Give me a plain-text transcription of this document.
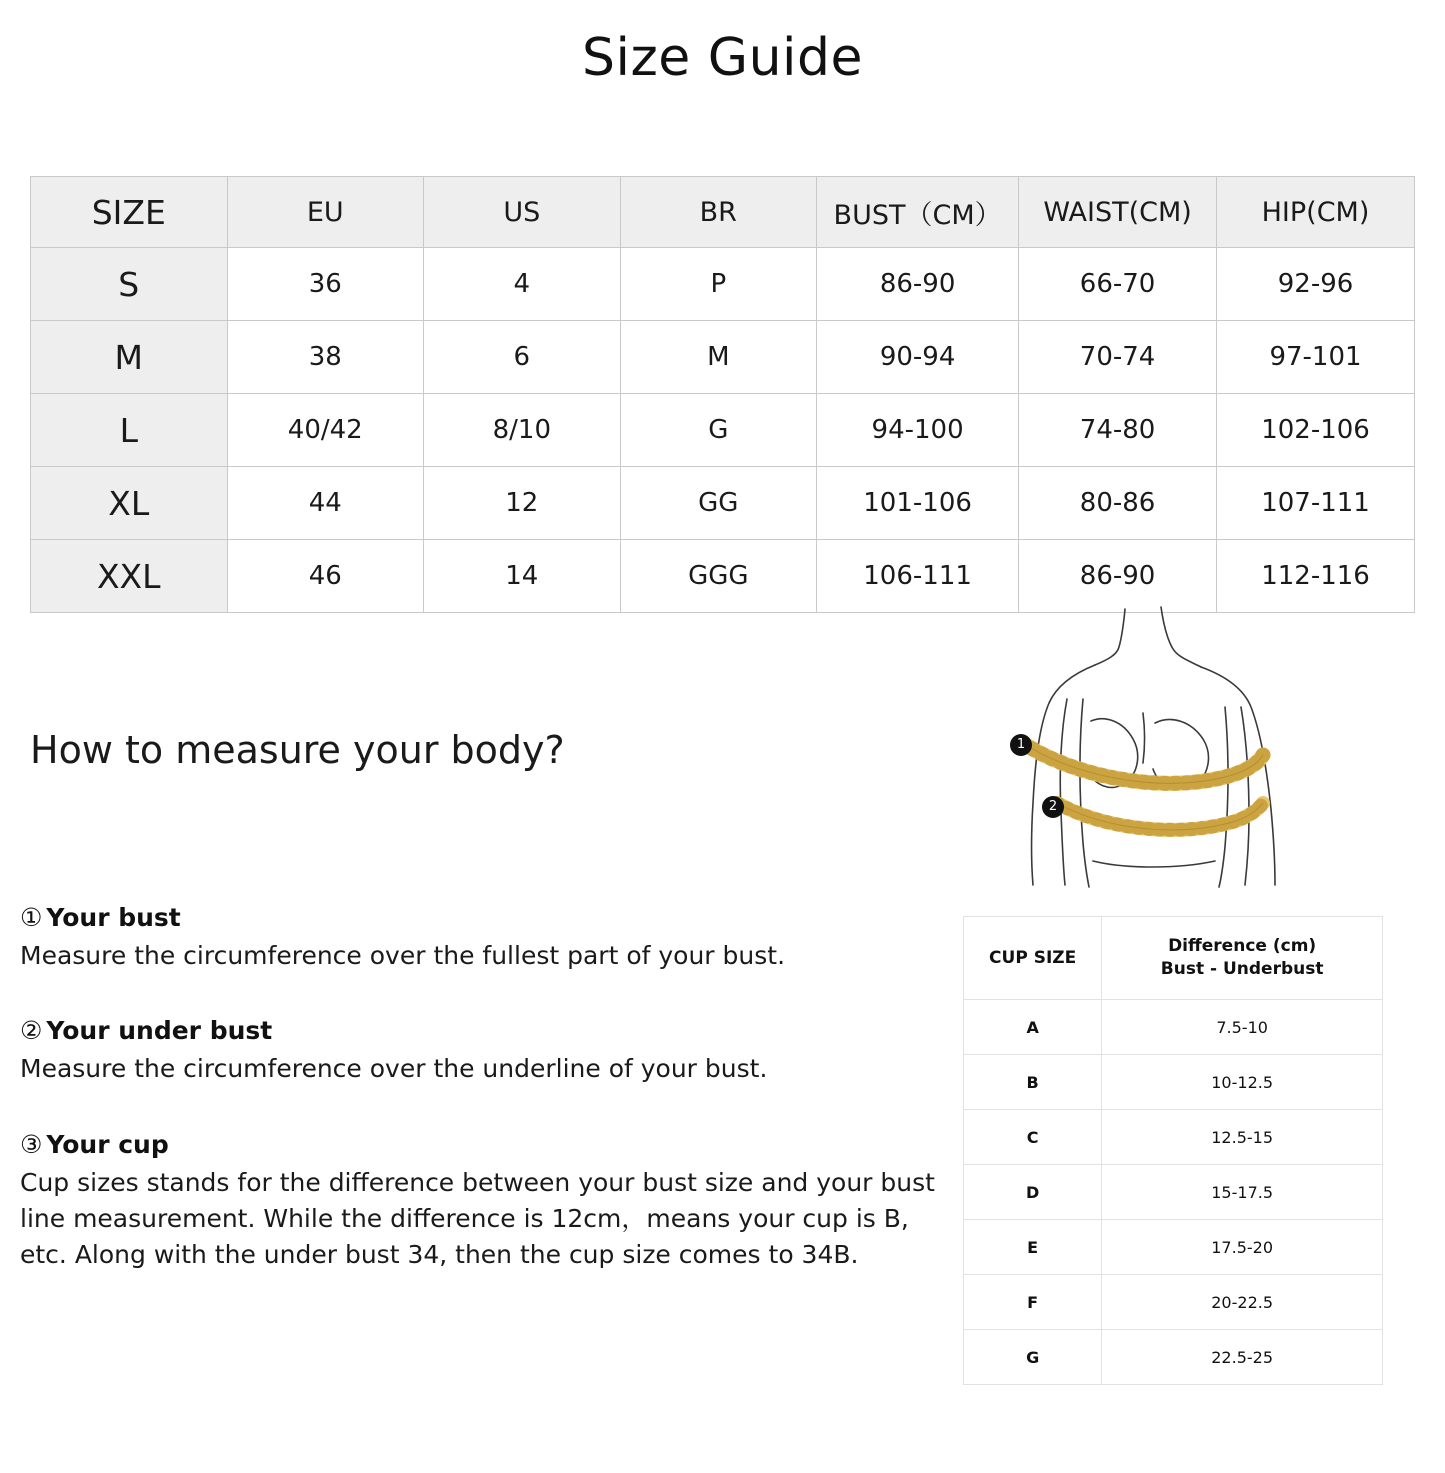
Size Guide
SIZE	EU	US	BR	BUST（CM）	WAIST(CM)	HIP(CM)
S	36	4	P	86-90	66-70	92-96
M	38	6	M	90-94	70-74	97-101
L	40/42	8/10	G	94-100	74-80	102-106
XL	44	12	GG	101-106	80-86	107-111
XXL	46	14	GGG	106-111	86-90	112-116
How to measure your body?
① Your bust
Measure the circumference over the fullest part of your bust.
② Your under bust
Measure the circumference over the underline of your bust.
③ Your cup
Cup sizes stands for the difference between your bust size and your bust line measurement. While the difference is 12cm，means your cup is B, etc. Along with the under bust 34, then the cup size comes to 34B.
1
2
CUP SIZE	Difference (cm)
Bust - Underbust
A	7.5-10
B	10-12.5
C	12.5-15
D	15-17.5
E	17.5-20
F	20-22.5
G	22.5-25
